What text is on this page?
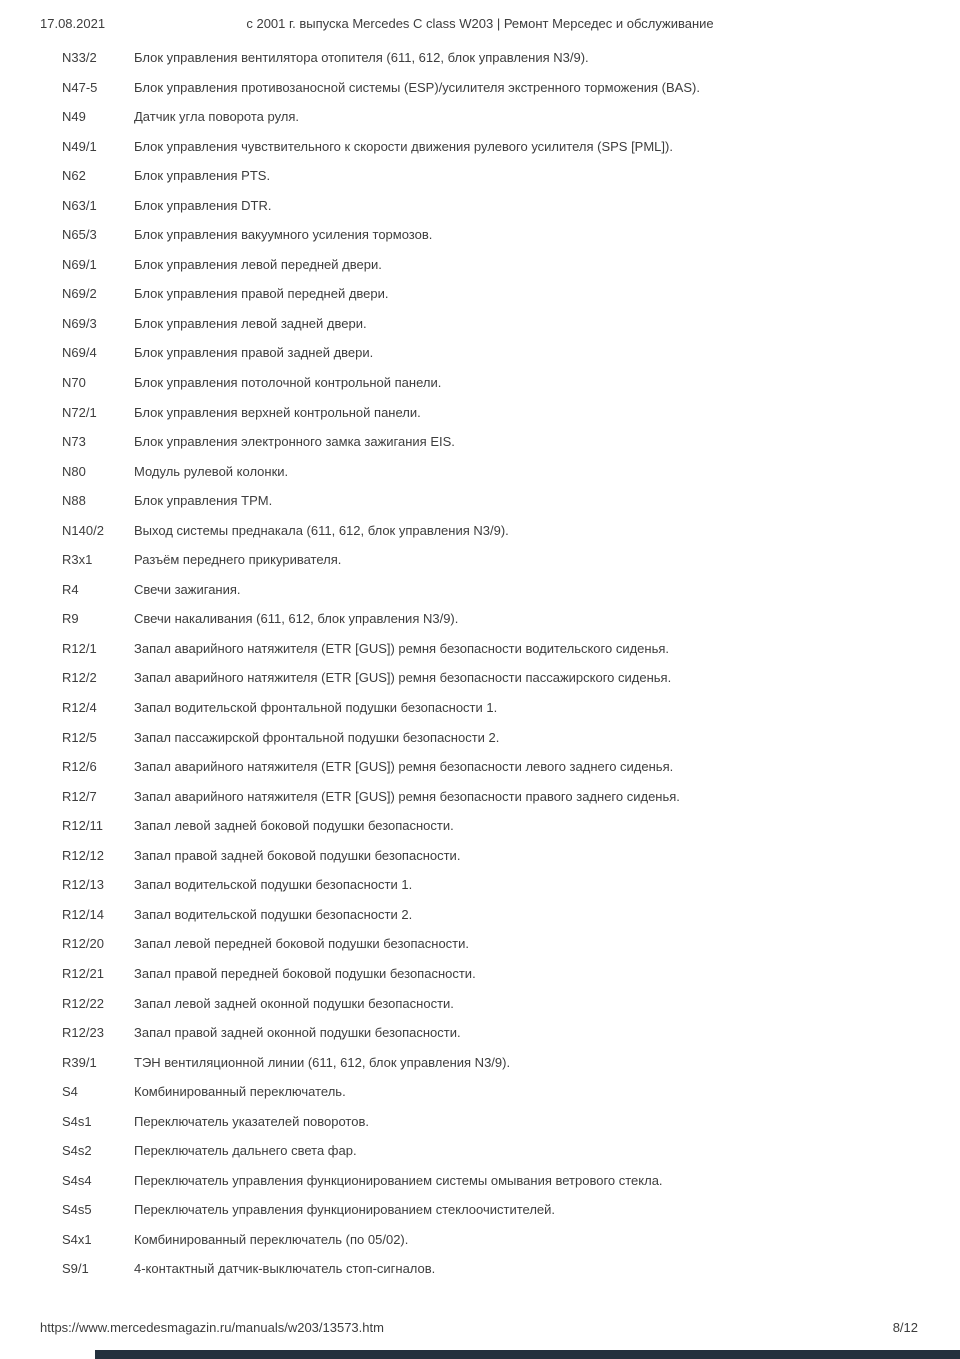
17.08.2021	с 2001 г. выпуска Mercedes C class W203 | Ремонт Мерседес и обслуживание
N33/2	Блок управления вентилятора отопителя (611, 612, блок управления N3/9).
N47-5	Блок управления противозаносной системы (ESP)/усилителя экстренного торможения (BAS).
N49	Датчик угла поворота руля.
N49/1	Блок управления чувствительного к скорости движения рулевого усилителя (SPS [PML]).
N62	Блок управления PTS.
N63/1	Блок управления DTR.
N65/3	Блок управления вакуумного усиления тормозов.
N69/1	Блок управления левой передней двери.
N69/2	Блок управления правой передней двери.
N69/3	Блок управления левой задней двери.
N69/4	Блок управления правой задней двери.
N70	Блок управления потолочной контрольной панели.
N72/1	Блок управления верхней контрольной панели.
N73	Блок управления электронного замка зажигания EIS.
N80	Модуль рулевой колонки.
N88	Блок управления TPM.
N140/2	Выход системы преднакала (611, 612, блок управления N3/9).
R3x1	Разъём переднего прикуривателя.
R4	Свечи зажигания.
R9	Свечи накаливания (611, 612, блок управления N3/9).
R12/1	Запал аварийного натяжителя (ETR [GUS]) ремня безопасности водительского сиденья.
R12/2	Запал аварийного натяжителя (ETR [GUS]) ремня безопасности пассажирского сиденья.
R12/4	Запал водительской фронтальной подушки безопасности 1.
R12/5	Запал пассажирской фронтальной подушки безопасности 2.
R12/6	Запал аварийного натяжителя (ETR [GUS]) ремня безопасности левого заднего сиденья.
R12/7	Запал аварийного натяжителя (ETR [GUS]) ремня безопасности правого заднего сиденья.
R12/11	Запал левой задней боковой подушки безопасности.
R12/12	Запал правой задней боковой подушки безопасности.
R12/13	Запал водительской подушки безопасности 1.
R12/14	Запал водительской подушки безопасности 2.
R12/20	Запал левой передней боковой подушки безопасности.
R12/21	Запал правой передней боковой подушки безопасности.
R12/22	Запал левой задней оконной подушки безопасности.
R12/23	Запал правой задней оконной подушки безопасности.
R39/1	ТЭН вентиляционной линии (611, 612, блок управления N3/9).
S4	Комбинированный переключатель.
S4s1	Переключатель указателей поворотов.
S4s2	Переключатель дальнего света фар.
S4s4	Переключатель управления функционированием системы омывания ветрового стекла.
S4s5	Переключатель управления функционированием стеклоочистителей.
S4x1	Комбинированный переключатель (по 05/02).
S9/1	4-контактный датчик-выключатель стоп-сигналов.
https://www.mercedesmagazin.ru/manuals/w203/13573.htm	8/12
